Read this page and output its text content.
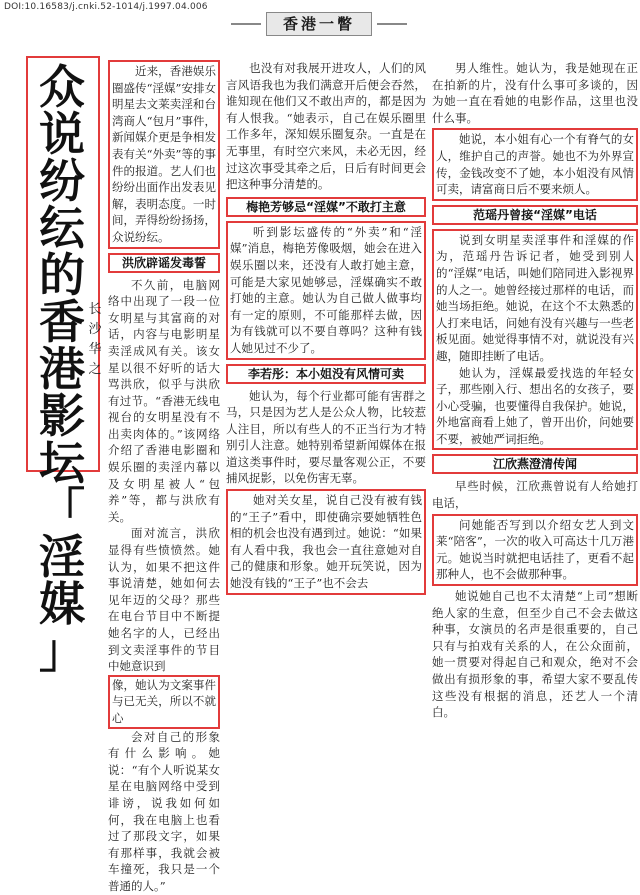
DOI:10.16583/j.cnki.52-1014/j.1997.04.006
香港一瞥
众
说
纷
纭
的
香
港
影
坛
「
淫
媒
」
长
沙
华
之

近来，香港娱乐圈盛传“淫媒”安排女明星去文莱卖淫和台湾商人“包月”事件，新闻媒介更是争相发表有关“外卖”等的事件的报道。艺人们也纷纷出面作出发表见解，表明态度。一时间，弄得纷纷扬扬，众说纷纭。

洪欣辟谣发毒誓

不久前，电脑网络中出现了一段一位女明星与其富商的对话，内容与电影明星卖淫成风有关。该女星以很不好听的话大骂洪欣，似乎与洪欣有过节。“香港无线电视台的女明星没有不出卖肉体的。”该网络介绍了香港电影圈和娱乐圈的卖淫内幕以及女明星被人“包养”等，都与洪欣有关。

面对流言，洪欣显得有些愤愤然。她认为，如果不把这件事说清楚，她如何去见年迈的父母？那些在电台节目中不断提她名字的人，已经出到文卖淫事件的节目中她意识到

像，她认为文案事件与已无关，所以不就心

会对自己的形象有什么影响。她说：“有个人听说某女星在电脑网络中受到诽谤，说我如何如何，我在电脑上也看过了那段文字，如果有那样事，我就会被车撞死，我只是一个普通的人。”

也没有对我展开进攻人，人们的风言风语我也为我们满意开后便会吞然，谁知现在他们又不敢出声的，都是因为有人恨我。“她表示，自己在娱乐圈里工作多年，深知娱乐圈复杂。一直是在无事里，有时空穴来风，未必无因，经过这次事受其牵之后，日后有时间更会把这种事分清楚的。

梅艳芳够忌“淫媒”不敢打主意

听到影坛盛传的“外卖”和“淫媒”消息，梅艳芳像吸烟，她会在进入娱乐圈以来，还没有人敢打她主意，可能是大家见她够忌，淫媒确实不敢打她的主意。她认为自己做人做事均有一定的原则，不可能那样去做，因为有钱就可以不要自尊吗？这种有钱人她见过不少了。

李若彤：本小姐没有风情可卖

她认为，每个行业都可能有害群之马，只是因为艺人是公众人物，比较惹人注目，所以有些人的不正当行为才特别引人注意。她特别希望新闻媒体在报道这类事件时，要尽量客观公正，不要捕风捉影，以免伤害无辜。

她对关女星，说自己没有被有钱的“王子”看中，即使确宗要她牺牲色相的机会也没有遇到过。她说：“如果有人看中我，我也会一直往意她对自己的健康和形象。她开玩笑说，因为她没有钱的“王子”也不会去

男人维性。她认为，我是她现在正在拍新的片，没有什么事可多谈的，因为她一直在看她的电影作品，这里也没什么事。

她说，本小姐有心一个有脊气的女人，维护自己的声誉。她也不为外界宣传，金钱改变不了她，本小姐没有风情可卖，请富商日后不要来烦人。

范瑶丹曾接“淫媒”电话

说到女明星卖淫事件和淫媒的作为，范瑶丹告诉记者，她受到别人的“淫媒”电话，叫她们陪同进入影视界的人之一。她曾经接过那样的电话，而她当场拒绝。她说，在这个不太熟悉的人打来电话，问她有没有兴趣与一些老板见面。她觉得事情不对，就说没有兴趣，随即挂断了电话。

她认为，淫媒最爱找选的年轻女子，那些刚入行、想出名的女孩子，要小心受骗，也要懂得自我保护。她说，外地富商看上她了，曾开出价，问她要不要，被她严词拒绝。

江欣燕澄清传闻

早些时候，江欣燕曾说有人给她打电话，

问她能否写到以介绍女艺人到文莱“陪客”，一次的收入可高达十几万港元。她说当时就把电话挂了，更看不起那种人，也不会做那种事。

她说她自己也不太清楚“上司”想断绝人家的生意，但至少自己不会去做这种事，女演员的名声是很重要的，自己只有与拍戏有关系的人，在公众面前，她一贯要对得起自己和观众，绝对不会做出有损形象的事，希望大家不要乱传这些没有根据的消息，还艺人一个清白。
